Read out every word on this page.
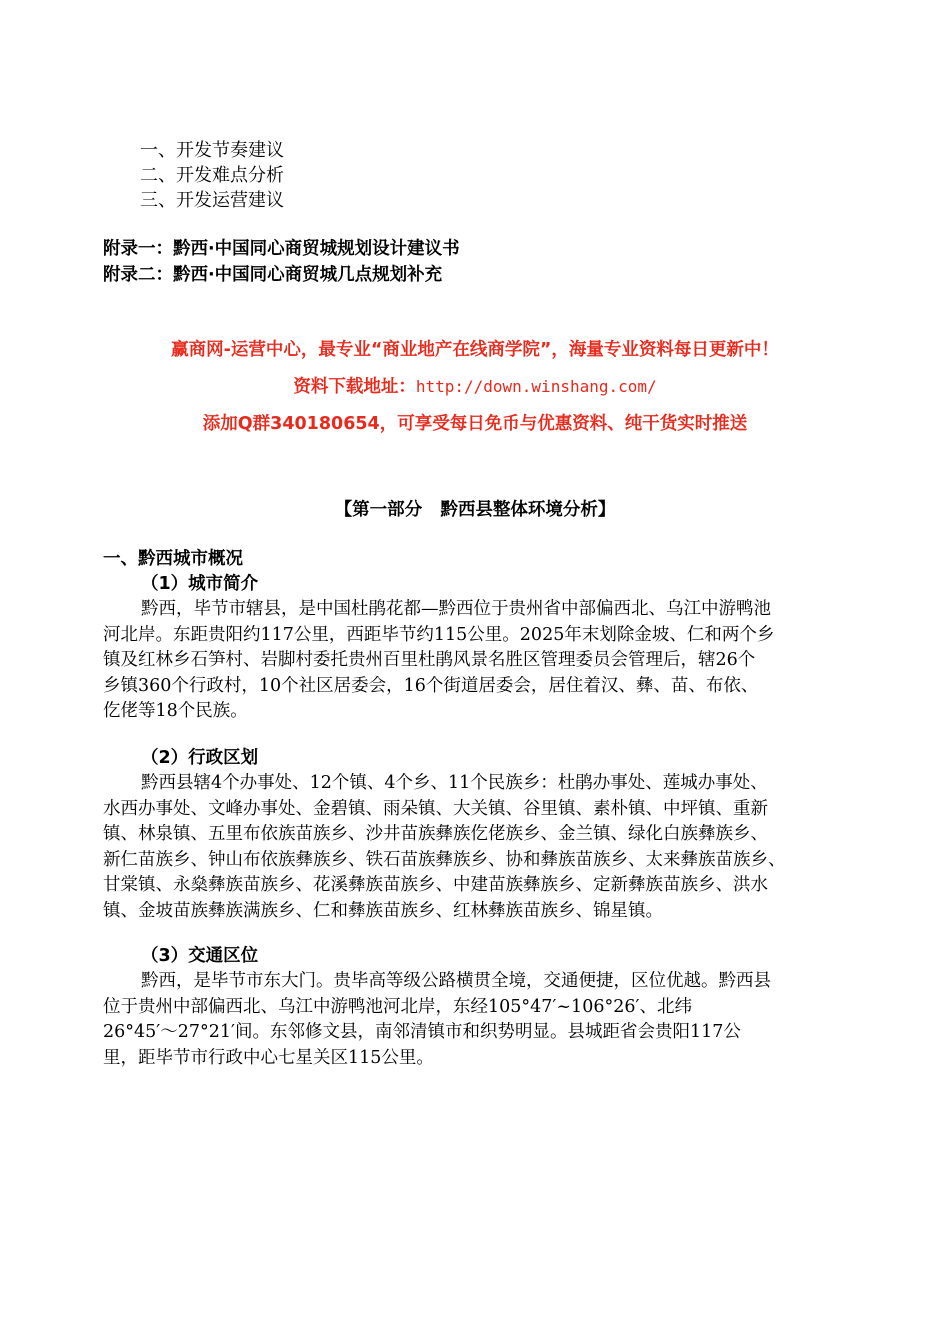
一、开发节奏建议
二、开发难点分析
三、开发运营建议
附录一：黔西·中国同心商贸城规划设计建议书
附录二：黔西·中国同心商贸城几点规划补充
赢商网-运营中心，最专业“商业地产在线商学院”，海量专业资料每日更新中！
资料下载地址：http://down.winshang.com/
添加Q群340180654，可享受每日免币与优惠资料、纯干货实时推送
【第一部分   黔西县整体环境分析】
一、黔西城市概况
（1）城市简介
黔西，毕节市辖县，是中国杜鹃花都—黔西位于贵州省中部偏西北、乌江中游鸭池
河北岸。东距贵阳约117公里，西距毕节约115公里。2025年末划除金坡、仁和两个乡
镇及红林乡石笋村、岩脚村委托贵州百里杜鹃风景名胜区管理委员会管理后，辖26个
乡镇360个行政村，10个社区居委会，16个街道居委会，居住着汉、彝、苗、布依、
仡佬等18个民族。
（2）行政区划
黔西县辖4个办事处、12个镇、4个乡、11个民族乡：杜鹃办事处、莲城办事处、
水西办事处、文峰办事处、金碧镇、雨朵镇、大关镇、谷里镇、素朴镇、中坪镇、重新
镇、林泉镇、五里布依族苗族乡、沙井苗族彝族仡佬族乡、金兰镇、绿化白族彝族乡、
新仁苗族乡、钟山布依族彝族乡、铁石苗族彝族乡、协和彝族苗族乡、太来彝族苗族乡、
甘棠镇、永燊彝族苗族乡、花溪彝族苗族乡、中建苗族彝族乡、定新彝族苗族乡、洪水
镇、金坡苗族彝族满族乡、仁和彝族苗族乡、红林彝族苗族乡、锦星镇。
（3）交通区位
黔西，是毕节市东大门。贵毕高等级公路横贯全境，交通便捷，区位优越。黔西县
位于贵州中部偏西北、乌江中游鸭池河北岸，东经105°47′~106°26′、北纬
26°45′～27°21′间。东邻修文县，南邻清镇市和织势明显。县城距省会贵阳117公
里，距毕节市行政中心七星关区115公里。
